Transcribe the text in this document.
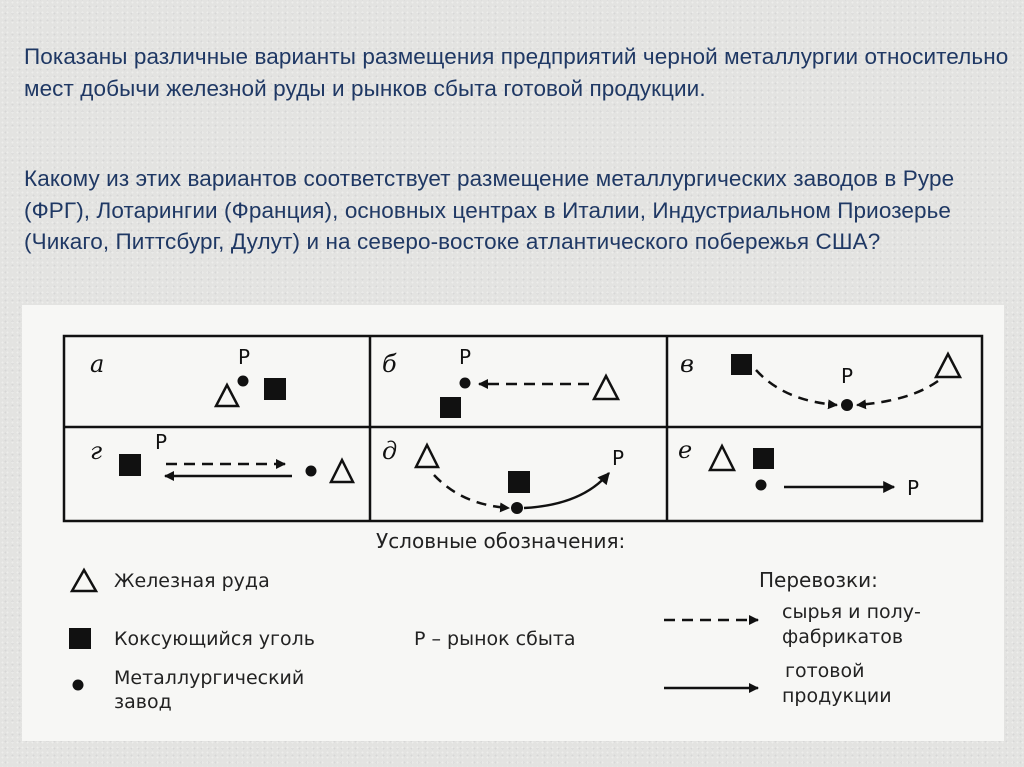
Показаны различные варианты размещения предприятий черной металлургии относительно мест добычи железной руды и рынков сбыта готовой продукции.

Какому из этих вариантов соответствует размещение металлургических заводов в Руре (ФРГ), Лотарингии (Франция), основных центрах в Италии, Индустриальном Приозерье (Чикаго, Питтсбург, Дулут) и на северо-востоке атлантического побережья США?

а	P	б	P	в	P
г	P	д	P е
P
Условные обозначения:
Железная руда
Коксующийся уголь	Р – рынок сбыта
Металлургический
завод
Перевозки:
сырья и полу-
фабрикатов
готовой
продукции
